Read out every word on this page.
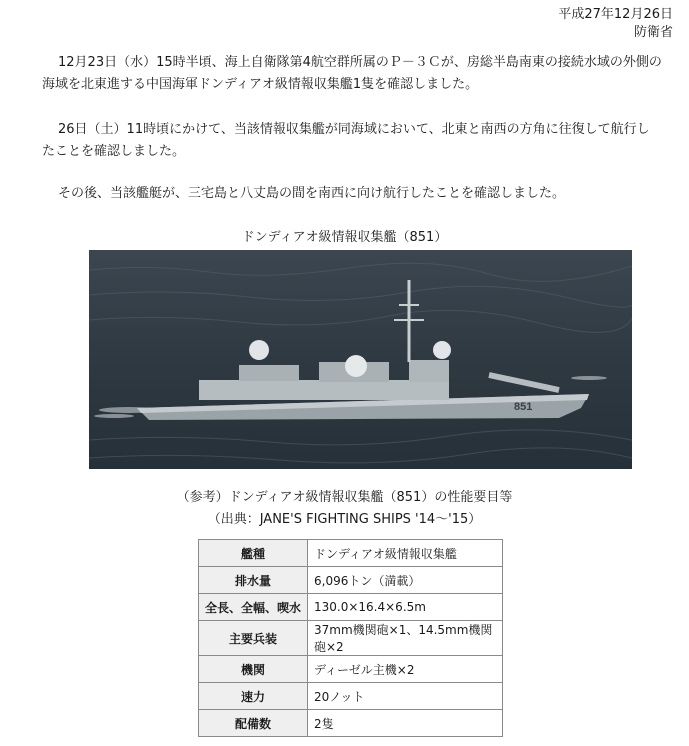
平成27年12月26日
防衛省

12月23日（水）15時半頃、海上自衛隊第4航空群所属のＰ－３Ｃが、房総半島南東の接続水域の外側の海域を北東進する中国海軍ドンディアオ級情報収集艦1隻を確認しました。

26日（土）11時頃にかけて、当該情報収集艦が同海域において、北東と南西の方角に往復して航行したことを確認しました。

その後、当該艦艇が、三宅島と八丈島の間を南西に向け航行したことを確認しました。

ドンディアオ級情報収集艦（851）
851
（参考）ドンディアオ級情報収集艦（851）の性能要目等
（出典：JANE'S FIGHTING SHIPS '14～'15）
艦種	ドンディアオ級情報収集艦
排水量	6,096トン（満載）
全長、全幅、喫水	130.0×16.4×6.5m
主要兵装	37mm機関砲×1、14.5mm機関砲×2
機関	ディーゼル主機×2
速力	20ノット
配備数	2隻
